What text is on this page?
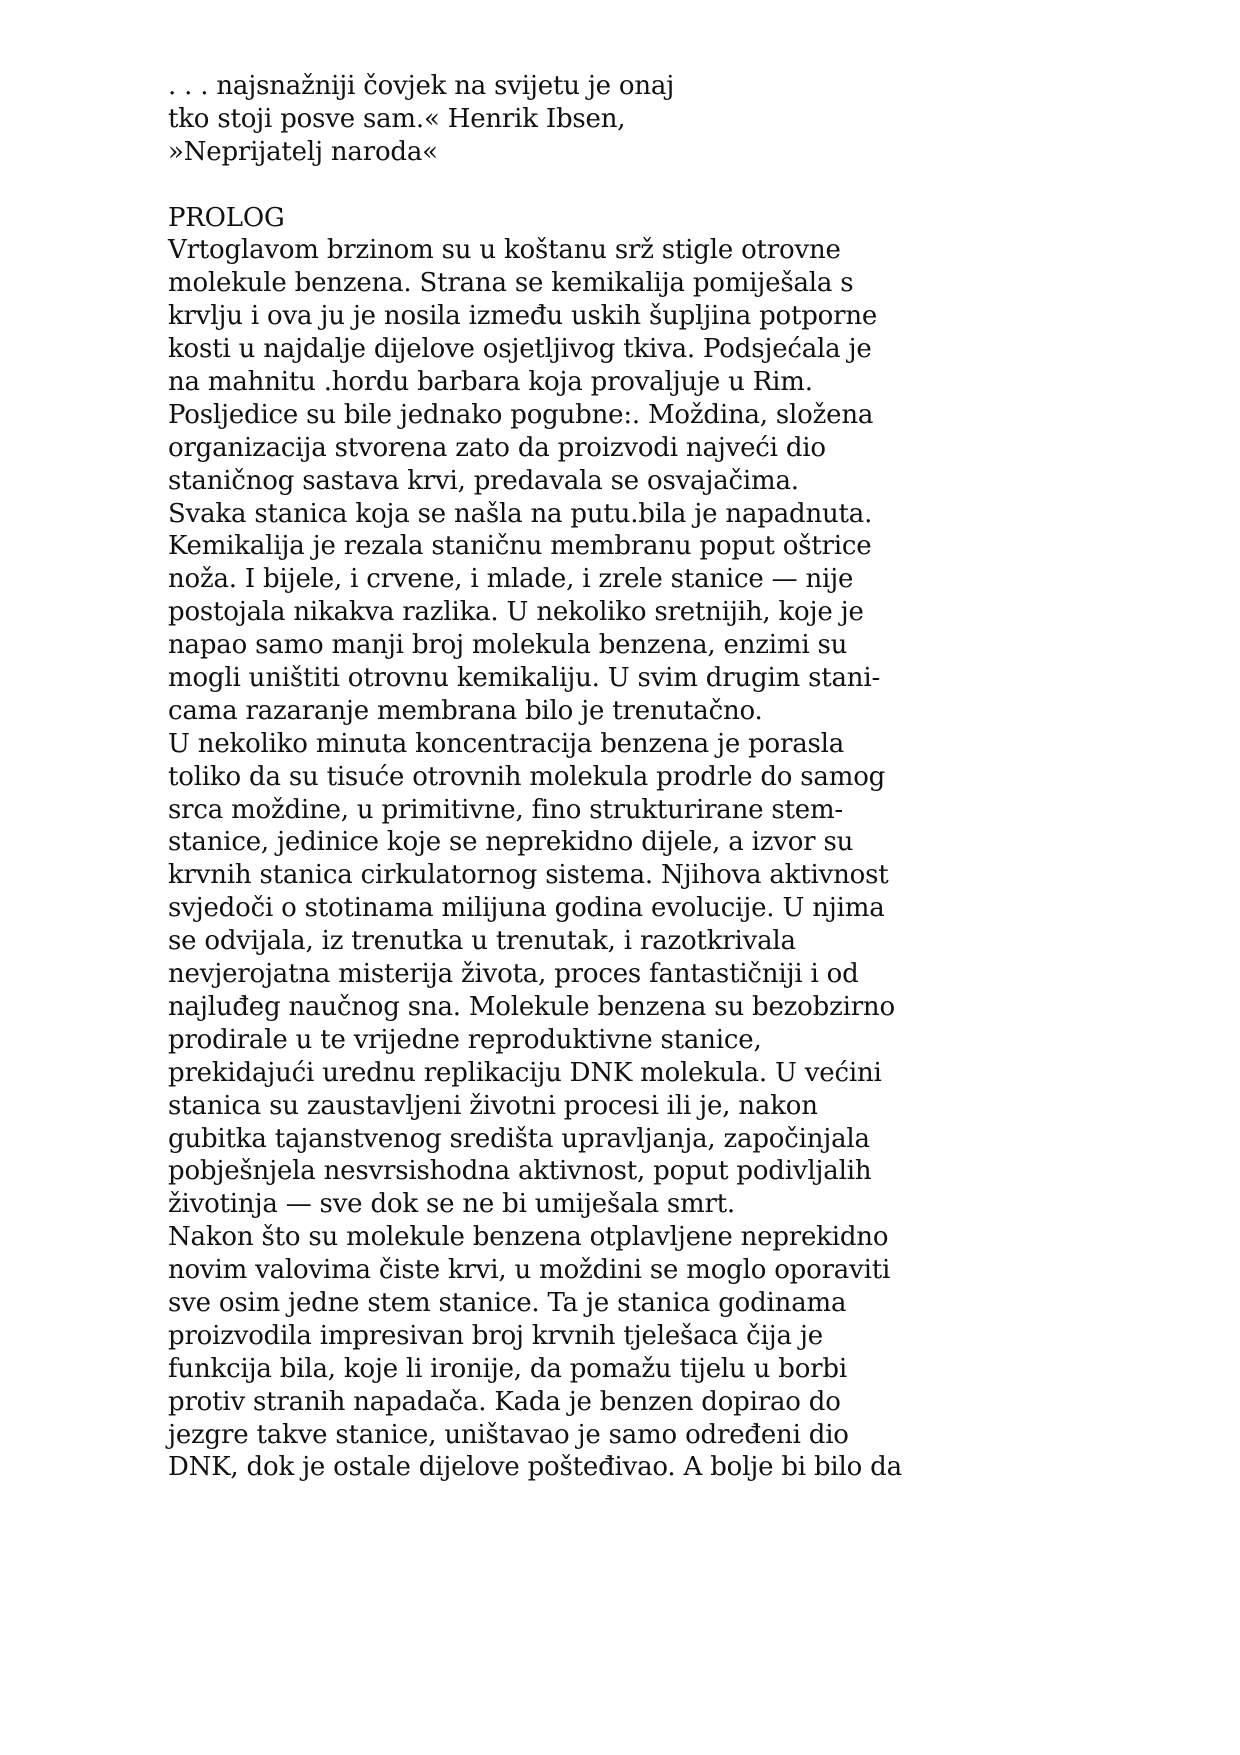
. . . najsnažniji čovjek na svijetu je onaj
tko stoji posve sam.« Henrik Ibsen,
»Neprijatelj naroda«
PROLOG
Vrtoglavom brzinom su u koštanu srž stigle otrovne
molekule benzena. Strana se kemikalija pomiješala s
krvlju i ova ju je nosila između uskih šupljina potporne
kosti u najdalje dijelove osjetljivog tkiva. Podsjećala je
na mahnitu .hordu barbara koja provaljuje u Rim.
Posljedice su bile jednako pogubne:. Moždina, složena
organizacija stvorena zato da proizvodi najveći dio
staničnog sastava krvi, predavala se osvajačima.
Svaka stanica koja se našla na putu.bila je napadnuta.
Kemikalija je rezala staničnu membranu poput oštrice
noža. I bijele, i crvene, i mlade, i zrele stanice — nije
postojala nikakva razlika. U nekoliko sretnijih, koje je
napao samo manji broj molekula benzena, enzimi su
mogli uništiti otrovnu kemikaliju. U svim drugim stani-
cama razaranje membrana bilo je trenutačno.
U nekoliko minuta koncentracija benzena je porasla
toliko da su tisuće otrovnih molekula prodrle do samog
srca moždine, u primitivne, fino strukturirane stem-
stanice, jedinice koje se neprekidno dijele, a izvor su
krvnih stanica cirkulatornog sistema. Njihova aktivnost
svjedoči o stotinama milijuna godina evolucije. U njima
se odvijala, iz trenutka u trenutak, i razotkrivala
nevjerojatna misterija života, proces fantastičniji i od
najluđeg naučnog sna. Molekule benzena su bezobzirno
prodirale u te vrijedne reproduktivne stanice,
prekidajući urednu replikaciju DNK molekula. U većini
stanica su zaustavljeni životni procesi ili je, nakon
gubitka tajanstvenog središta upravljanja, započinjala
pobješnjela nesvrsishodna aktivnost, poput podivljalih
životinja — sve dok se ne bi umiješala smrt.
Nakon što su molekule benzena otplavljene neprekidno
novim valovima čiste krvi, u moždini se moglo oporaviti
sve osim jedne stem stanice. Ta je stanica godinama
proizvodila impresivan broj krvnih tjelešaca čija je
funkcija bila, koje li ironije, da pomažu tijelu u borbi
protiv stranih napadača. Kada je benzen dopirao do
jezgre takve stanice, uništavao je samo određeni dio
DNK, dok je ostale dijelove pošteđivao. A bolje bi bilo da
